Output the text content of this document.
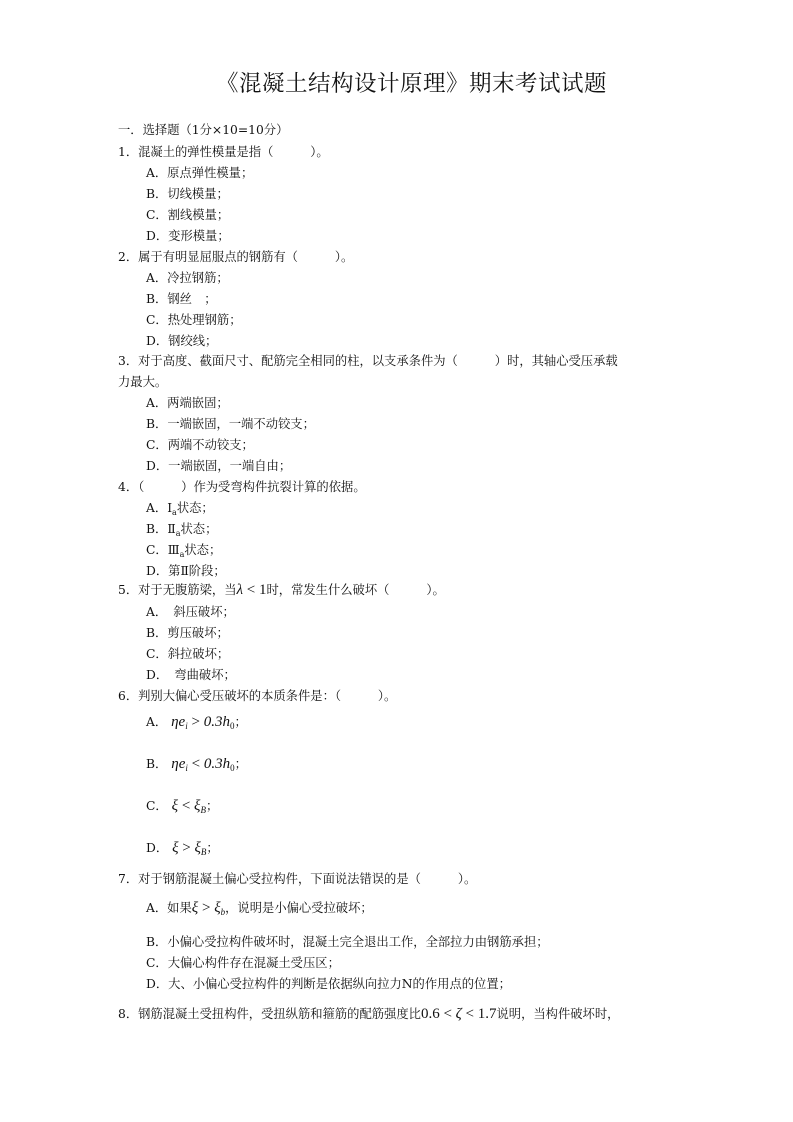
《混凝土结构设计原理》期末考试试题
一．选择题（1分×10=10分）
1．混凝土的弹性模量是指（　　　）。
A．原点弹性模量；
B．切线模量；
C．割线模量；
D．变形模量；
2．属于有明显屈服点的钢筋有（　　　）。
A．冷拉钢筋；
B．钢丝　；
C．热处理钢筋；
D．钢绞线；
3．对于高度、截面尺寸、配筋完全相同的柱，以支承条件为（　　　）时，其轴心受压承载
力最大。
A．两端嵌固；
B．一端嵌固，一端不动铰支；
C．两端不动铰支；
D．一端嵌固，一端自由；
4．（　　　）作为受弯构件抗裂计算的依据。
A．$Ⅰ_a$状态；
B．$Ⅱ_a$状态；
C．$Ⅲ_a$状态；
D．第Ⅱ阶段；
5．对于无腹筋梁，当λ < 1时，常发生什么破坏（　　　）。
A．　斜压破坏；
B．剪压破坏；
C．斜拉破坏；
D．　弯曲破坏；
6．判别大偏心受压破坏的本质条件是：（　　　）。
A． $\eta e_i > 0.3h_0$；
B． $\eta e_i < 0.3h_0$；
C． $\xi < \xi_B$；
D． $\xi > \xi_B$；
7．对于钢筋混凝土偏心受拉构件，下面说法错误的是（　　　）。
A．如果$\xi > \xi_b$，说明是小偏心受拉破坏；
B．小偏心受拉构件破坏时，混凝土完全退出工作，全部拉力由钢筋承担；
C．大偏心构件存在混凝土受压区；
D．大、小偏心受拉构件的判断是依据纵向拉力N的作用点的位置；
8．钢筋混凝土受扭构件，受扭纵筋和箍筋的配筋强度比0.6 < ζ < 1.7说明，当构件破坏时，
